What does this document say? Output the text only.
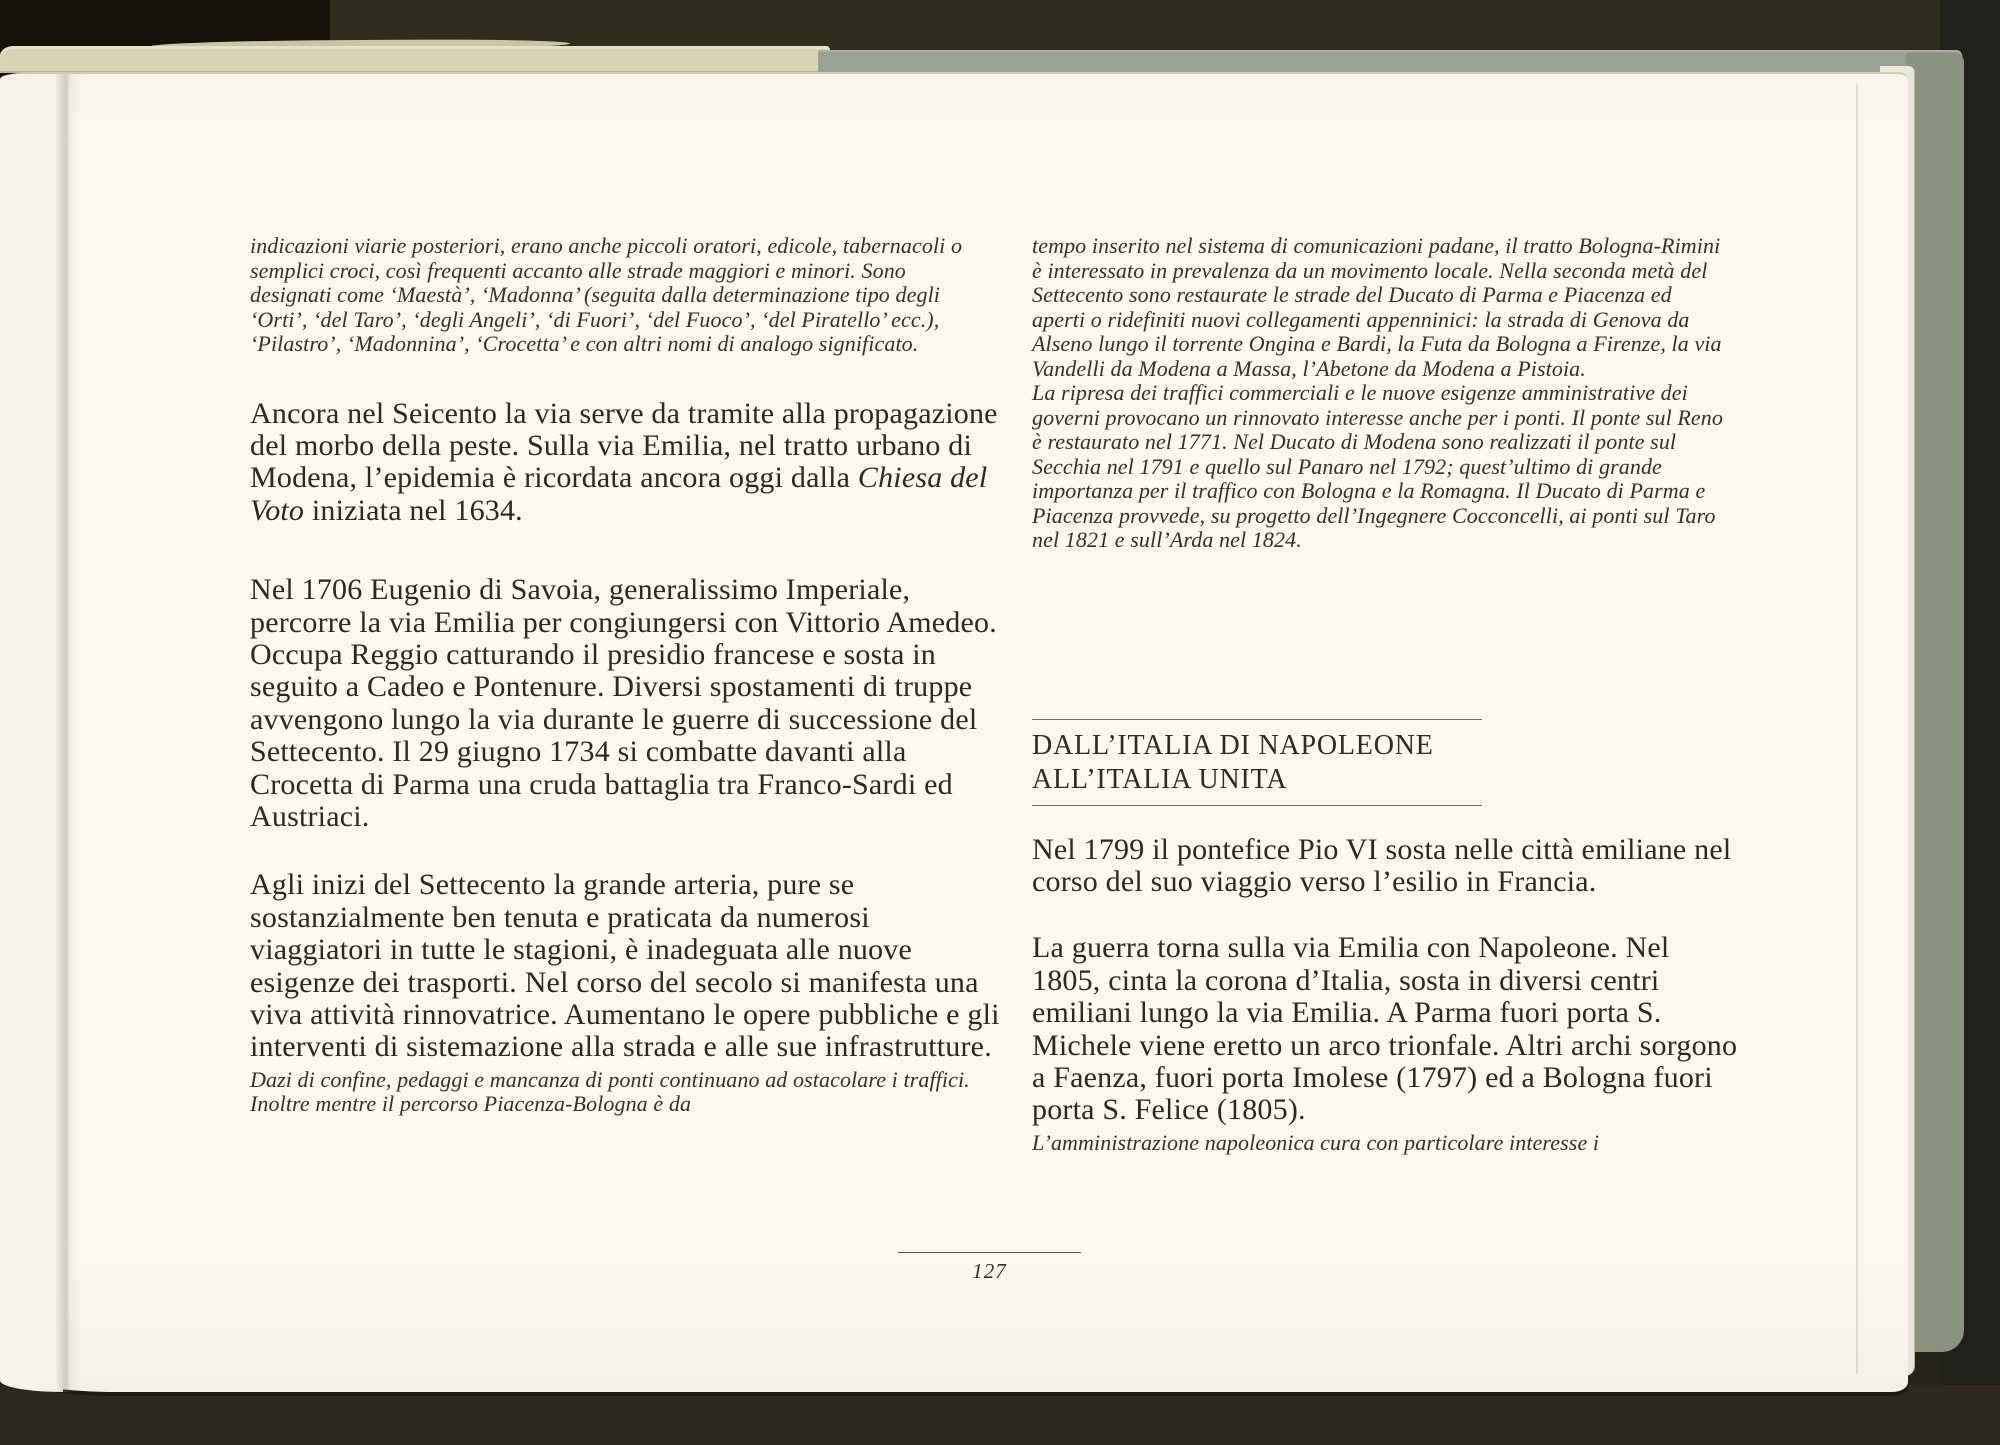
indicazioni viarie posteriori, erano anche piccoli oratori, edicole, tabernacoli o semplici croci, così frequenti accanto alle strade maggiori e minori. Sono designati come ‘Maestà’, ‘Madonna’ (seguita dalla determinazione tipo degli ‘Orti’, ‘del Taro’, ‘degli Angeli’, ‘di Fuori’, ‘del Fuoco’, ‘del Piratello’ ecc.), ‘Pilastro’, ‘Madonnina’, ‘Crocetta’ e con altri nomi di analogo significato.

Ancora nel Seicento la via serve da tramite alla propagazione del morbo della peste. Sulla via Emilia, nel tratto urbano di Modena, l’epidemia è ricordata ancora oggi dalla Chiesa del Voto iniziata nel 1634.

Nel 1706 Eugenio di Savoia, generalissimo Imperiale, percorre la via Emilia per congiungersi con Vittorio Amedeo. Occupa Reggio catturando il presidio francese e sosta in seguito a Cadeo e Pontenure. Diversi spostamenti di truppe avvengono lungo la via durante le guerre di successione del Settecento. Il 29 giugno 1734 si combatte davanti alla Crocetta di Parma una cruda battaglia tra Franco-Sardi ed Austriaci.

Agli inizi del Settecento la grande arteria, pure se sostanzialmente ben tenuta e praticata da numerosi viaggiatori in tutte le stagioni, è inadeguata alle nuove esigenze dei trasporti. Nel corso del secolo si manifesta una viva attività rinnovatrice. Aumentano le opere pubbliche e gli interventi di sistemazione alla strada e alle sue infrastrutture.

Dazi di confine, pedaggi e mancanza di ponti continuano ad ostacolare i traffici. Inoltre mentre il percorso Piacenza-Bologna è da

tempo inserito nel sistema di comunicazioni padane, il tratto Bologna-Rimini è interessato in prevalenza da un movimento locale. Nella seconda metà del Settecento sono restaurate le strade del Ducato di Parma e Piacenza ed aperti o ridefiniti nuovi collegamenti appenninici: la strada di Genova da Alseno lungo il torrente Ongina e Bardi, la Futa da Bologna a Firenze, la via Vandelli da Modena a Massa, l’Abetone da Modena a Pistoia.

La ripresa dei traffici commerciali e le nuove esigenze amministrative dei governi provocano un rinnovato interesse anche per i ponti. Il ponte sul Reno è restaurato nel 1771. Nel Ducato di Modena sono realizzati il ponte sul Secchia nel 1791 e quello sul Panaro nel 1792; quest’ultimo di grande importanza per il traffico con Bologna e la Romagna. Il Ducato di Parma e Piacenza provvede, su progetto dell’Ingegnere Cocconcelli, ai ponti sul Taro nel 1821 e sull’Arda nel 1824.

DALL’ITALIA DI NAPOLEONE
ALL’ITALIA UNITA

Nel 1799 il pontefice Pio VI sosta nelle città emiliane nel corso del suo viaggio verso l’esilio in Francia.

La guerra torna sulla via Emilia con Napoleone. Nel 1805, cinta la corona d’Italia, sosta in diversi centri emiliani lungo la via Emilia. A Parma fuori porta S. Michele viene eretto un arco trionfale. Altri archi sorgono a Faenza, fuori porta Imolese (1797) ed a Bologna fuori porta S. Felice (1805).

L’amministrazione napoleonica cura con particolare interesse i

127
